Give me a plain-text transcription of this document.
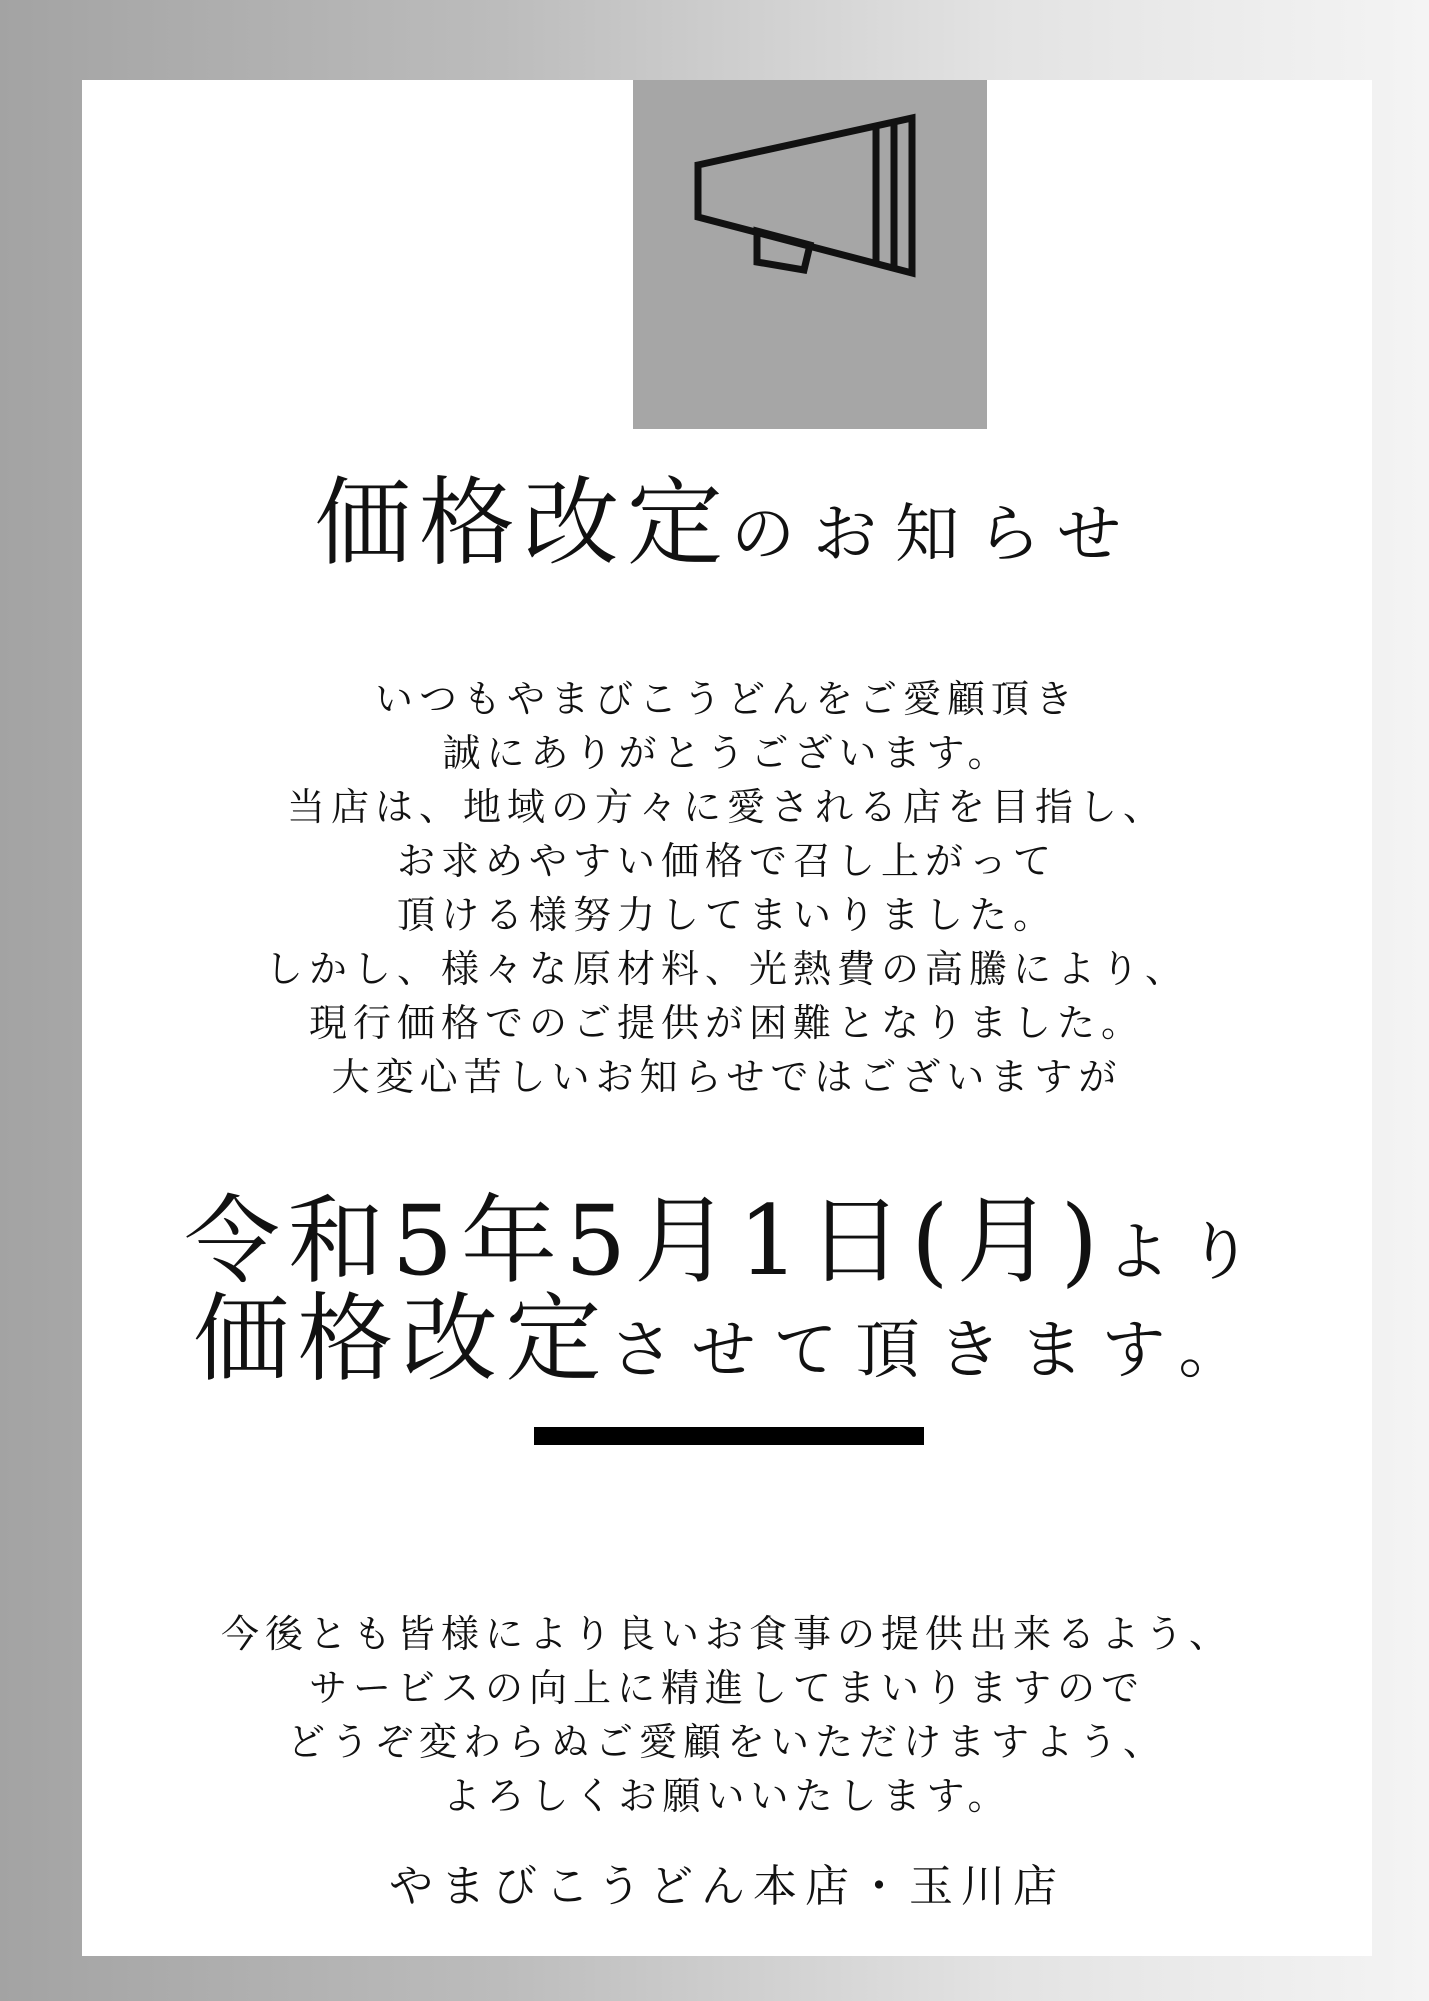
価格改定のお知らせ
いつもやまびこうどんをご愛顧頂き
誠にありがとうございます。
当店は、地域の方々に愛される店を目指し、
お求めやすい価格で召し上がって
頂ける様努力してまいりました。
しかし、様々な原材料、光熱費の高騰により、
現行価格でのご提供が困難となりました。
大変心苦しいお知らせではございますが
令和5年5月1日(月)より
価格改定させて頂きます。
今後とも皆様により良いお食事の提供出来るよう、
サービスの向上に精進してまいりますので
どうぞ変わらぬご愛顧をいただけますよう、
よろしくお願いいたします。
やまびこうどん本店・玉川店
